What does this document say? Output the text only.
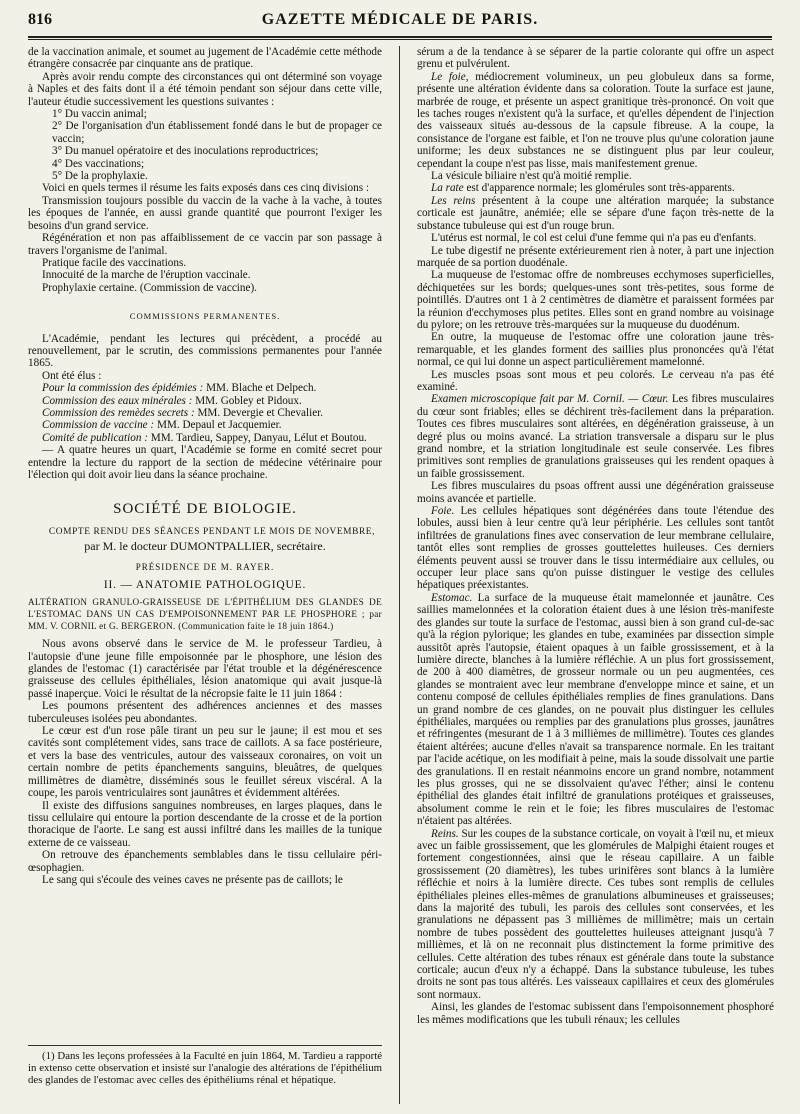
816	GAZETTE MÉDICALE DE PARIS.

de la vaccination animale, et soumet au jugement de l'Académie cette méthode étrangère consacrée par cinquante ans de pratique.

Après avoir rendu compte des circonstances qui ont déterminé son voyage à Naples et des faits dont il a été témoin pendant son séjour dans cette ville, l'auteur étudie successivement les questions suivantes :

1° Du vaccin animal;

2° De l'organisation d'un établissement fondé dans le but de propager ce vaccin;

3° Du manuel opératoire et des inoculations reproductrices;

4° Des vaccinations;

5° De la prophylaxie.

Voici en quels termes il résume les faits exposés dans ces cinq divisions :

Transmission toujours possible du vaccin de la vache à la vache, à toutes les époques de l'année, en aussi grande quantité que pourront l'exiger les besoins d'un grand service.

Régénération et non pas affaiblissement de ce vaccin par son passage à travers l'organisme de l'animal.

Pratique facile des vaccinations.

Innocuité de la marche de l'éruption vaccinale.

Prophylaxie certaine. (Commission de vaccine).

COMMISSIONS PERMANENTES.

L'Académie, pendant les lectures qui précèdent, a procédé au renouvellement, par le scrutin, des commissions permanentes pour l'année 1865.

Ont été élus :

Pour la commission des épidémies : MM. Blache et Delpech.

Commission des eaux minérales : MM. Gobley et Pidoux.

Commission des remèdes secrets : MM. Devergie et Chevalier.

Commission de vaccine : MM. Depaul et Jacquemier.

Comité de publication : MM. Tardieu, Sappey, Danyau, Lélut et Boutou.

— A quatre heures un quart, l'Académie se forme en comité secret pour entendre la lecture du rapport de la section de médecine vétérinaire pour l'élection qui doit avoir lieu dans la séance prochaine.

SOCIÉTÉ DE BIOLOGIE.

COMPTE RENDU DES SÉANCES PENDANT LE MOIS DE NOVEMBRE,

par M. le docteur DUMONTPALLIER, secrétaire.
PRÉSIDENCE DE M. RAYER.
II. — ANATOMIE PATHOLOGIQUE.

ALTÉRATION GRANULO-GRAISSEUSE DE L'ÉPITHÉLIUM DES GLANDES DE L'ESTOMAC DANS UN CAS D'EMPOISONNEMENT PAR LE PHOSPHORE ; par MM. V. CORNIL et G. BERGERON. (Communication faite le 18 juin 1864.)

Nous avons observé dans le service de M. le professeur Tardieu, à l'autopsie d'une jeune fille empoisonnée par le phosphore, une lésion des glandes de l'estomac (1) caractérisée par l'état trouble et la dégénérescence graisseuse des cellules épithéliales, lésion anatomique qui avait jusque-là passé inaperçue. Voici le résultat de la nécropsie faite le 11 juin 1864 :

Les poumons présentent des adhérences anciennes et des masses tuberculeuses isolées peu abondantes.

Le cœur est d'un rose pâle tirant un peu sur le jaune; il est mou et ses cavités sont complétement vides, sans trace de caillots. A sa face postérieure, et vers la base des ventricules, autour des vaisseaux coronaires, on voit un certain nombre de petits épanchements sanguins, bleuâtres, de quelques millimètres de diamètre, disséminés sous le feuillet séreux viscéral. A la coupe, les parois ventriculaires sont jaunâtres et évidemment altérées.

Il existe des diffusions sanguines nombreuses, en larges plaques, dans le tissu cellulaire qui entoure la portion descendante de la crosse et de la portion thoracique de l'aorte. Le sang est aussi infiltré dans les mailles de la tunique externe de ce vaisseau.

On retrouve des épanchements semblables dans le tissu cellulaire péri-œsophagien.

Le sang qui s'écoule des veines caves ne présente pas de caillots; le

(1) Dans les leçons professées à la Faculté en juin 1864, M. Tardieu a rapporté in extenso cette observation et insisté sur l'analogie des altérations de l'épithélium des glandes de l'estomac avec celles des épithéliums rénal et hépatique.

sérum a de la tendance à se séparer de la partie colorante qui offre un aspect grenu et pulvérulent.

Le foie, médiocrement volumineux, un peu globuleux dans sa forme, présente une altération évidente dans sa coloration. Toute la surface est jaune, marbrée de rouge, et présente un aspect granitique très-prononcé. On voit que les taches rouges n'existent qu'à la surface, et qu'elles dépendent de l'injection des vaisseaux situés au-dessous de la capsule fibreuse. A la coupe, la consistance de l'organe est faible, et l'on ne trouve plus qu'une coloration jaune uniforme; les deux substances ne se distinguent plus par leur couleur, cependant la coupe n'est pas lisse, mais manifestement grenue.

La vésicule biliaire n'est qu'à moitié remplie.

La rate est d'apparence normale; les glomérules sont très-apparents.

Les reins présentent à la coupe une altération marquée; la substance corticale est jaunâtre, anémiée; elle se sépare d'une façon très-nette de la substance tubuleuse qui est d'un rouge brun.

L'utérus est normal, le col est celui d'une femme qui n'a pas eu d'enfants.

Le tube digestif ne présente extérieurement rien à noter, à part une injection marquée de sa portion duodénale.

La muqueuse de l'estomac offre de nombreuses ecchymoses superficielles, déchiquetées sur les bords; quelques-unes sont très-petites, sous forme de pointillés. D'autres ont 1 à 2 centimètres de diamètre et paraissent formées par la réunion d'ecchymoses plus petites. Elles sont en grand nombre au voisinage du pylore; on les retrouve très-marquées sur la muqueuse du duodénum.

En outre, la muqueuse de l'estomac offre une coloration jaune très-remarquable, et les glandes forment des saillies plus prononcées qu'à l'état normal, ce qui lui donne un aspect particulièrement mamelonné.

Les muscles psoas sont mous et peu colorés. Le cerveau n'a pas été examiné.

Examen microscopique fait par M. Cornil. — Cœur. Les fibres musculaires du cœur sont friables; elles se déchirent très-facilement dans la préparation. Toutes ces fibres musculaires sont altérées, en dégénération graisseuse, à un degré plus ou moins avancé. La striation transversale a disparu sur le plus grand nombre, et la striation longitudinale est seule conservée. Les fibres primitives sont remplies de granulations graisseuses qui les rendent opaques à un faible grossissement.

Les fibres musculaires du psoas offrent aussi une dégénération graisseuse moins avancée et partielle.

Foie. Les cellules hépatiques sont dégénérées dans toute l'étendue des lobules, aussi bien à leur centre qu'à leur périphérie. Les cellules sont tantôt infiltrées de granulations fines avec conservation de leur membrane cellulaire, tantôt elles sont remplies de grosses gouttelettes huileuses. Ces derniers éléments peuvent aussi se trouver dans le tissu intermédiaire aux cellules, ou occuper leur place sans qu'on puisse distinguer le vestige des cellules hépatiques préexistantes.

Estomac. La surface de la muqueuse était mamelonnée et jaunâtre. Ces saillies mamelonnées et la coloration étaient dues à une lésion très-manifeste des glandes sur toute la surface de l'estomac, aussi bien à son grand cul-de-sac qu'à la région pylorique; les glandes en tube, examinées par dissection simple aussitôt après l'autopsie, étaient opaques à un faible grossissement, et à la lumière directe, blanches à la lumière réfléchie. A un plus fort grossissement, de 200 à 400 diamètres, de grosseur normale ou un peu augmentées, ces glandes se montraient avec leur membrane d'enveloppe mince et saine, et un contenu composé de cellules épithéliales remplies de fines granulations. Dans un grand nombre de ces glandes, on ne pouvait plus distinguer les cellules épithéliales, marquées ou remplies par des granulations plus grosses, jaunâtres et réfringentes (mesurant de 1 à 3 millièmes de millimètre). Toutes ces glandes étaient altérées; aucune d'elles n'avait sa transparence normale. En les traitant par l'acide acétique, on les modifiait à peine, mais la soude dissolvait une partie des granulations. Il en restait néanmoins encore un grand nombre, notamment les plus grosses, qui ne se dissolvaient qu'avec l'éther; ainsi le contenu épithélial des glandes était infiltré de granulations protéiques et graisseuses, absolument comme le rein et le foie; les fibres musculaires de l'estomac n'étaient pas altérées.

Reins. Sur les coupes de la substance corticale, on voyait à l'œil nu, et mieux avec un faible grossissement, que les glomérules de Malpighi étaient rouges et fortement congestionnées, ainsi que le réseau capillaire. A un faible grossissement (20 diamètres), les tubes urinifères sont blancs à la lumière réfléchie et noirs à la lumière directe. Ces tubes sont remplis de cellules épithéliales pleines elles-mêmes de granulations albumineuses et graisseuses; dans la majorité des tubuli, les parois des cellules sont conservées, et les granulations ne dépassent pas 3 millièmes de millimètre; mais un certain nombre de tubes possèdent des gouttelettes huileuses atteignant jusqu'à 7 millièmes, et là on ne reconnait plus distinctement la forme primitive des cellules. Cette altération des tubes rénaux est générale dans toute la substance corticale; aucun d'eux n'y a échappé. Dans la substance tubuleuse, les tubes droits ne sont pas tous altérés. Les vaisseaux capillaires et ceux des glomérules sont normaux.

Ainsi, les glandes de l'estomac subissent dans l'empoisonnement phosphoré les mêmes modifications que les tubuli rénaux; les cellules
